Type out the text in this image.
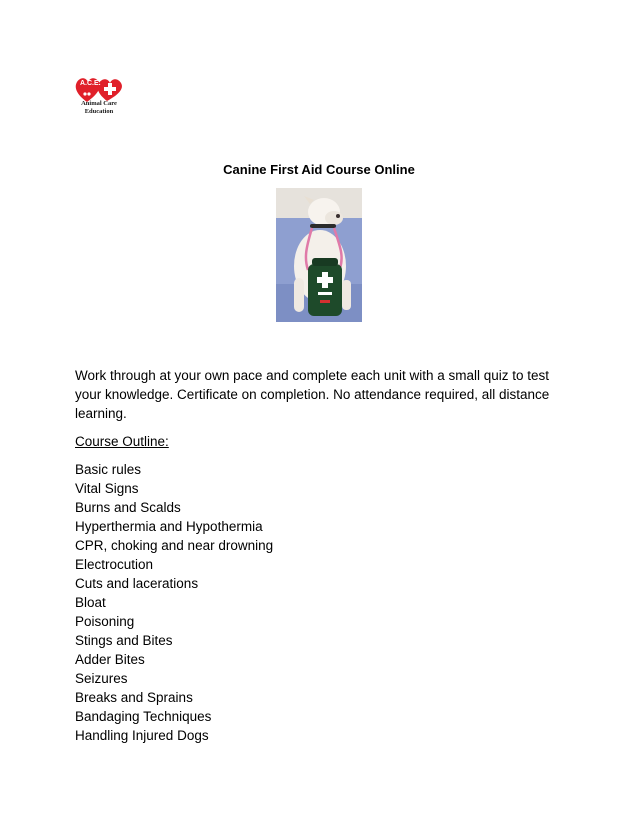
A.C.E.
Animal Care
Education
Canine First Aid Course Online
Work through at your own pace and complete each unit with a small quiz to test your knowledge. Certificate on completion. No attendance required, all distance learning.
Course Outline:
Basic rules
Vital Signs
Burns and Scalds
Hyperthermia and Hypothermia
CPR, choking and near drowning
Electrocution
Cuts and lacerations
Bloat
Poisoning
Stings and Bites
Adder Bites
Seizures
Breaks and Sprains
Bandaging Techniques
Handling Injured Dogs
